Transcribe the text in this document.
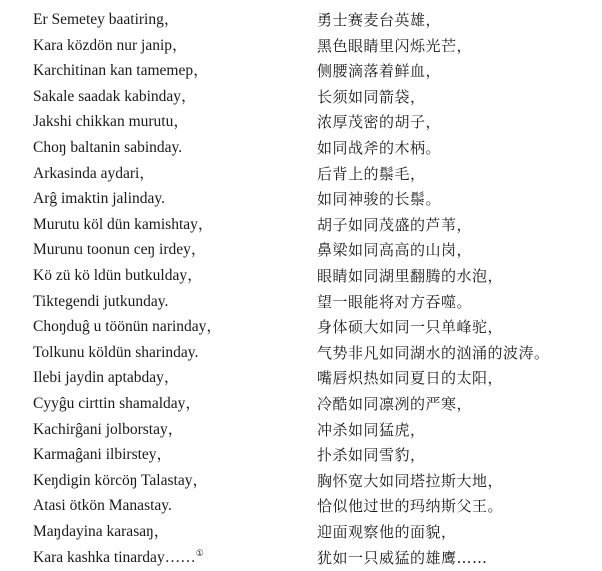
Er Semetey baatiring，	勇士赛麦台英雄，
Kara közdön nur janip，	黑色眼睛里闪烁光芒，
Karchitinan kan tamemep，	侧腰滴落着鲜血，
Sakale saadak kabinday，	长须如同箭袋，
Jakshi chikkan murutu，	浓厚茂密的胡子，
Choŋ baltanin sabinday.	如同战斧的木柄。
Arkasinda aydari，	后背上的鬃毛，
Arĝ imaktin jalinday.	如同神骏的长鬃。
Murutu köl dün kamishtay，	胡子如同茂盛的芦苇，
Murunu toonun ceŋ irdey，	鼻梁如同高高的山岗，
Kö zü kö ldün butkulday，	眼睛如同湖里翻腾的水泡，
Tiktegendi jutkunday.	望一眼能将对方吞噬。
Choŋduĝ u töönün narinday，	身体硕大如同一只单峰驼，
Tolkunu köldün sharinday.	气势非凡如同湖水的汹涌的波涛。
Ilebi jaydin aptabday，	嘴唇炽热如同夏日的太阳，
Cyyĝu cirttin shamalday，	冷酷如同凛冽的严寒，
Kachirĝani jolborstay，	冲杀如同猛虎，
Karmaĝani ilbirstey，	扑杀如同雪豹，
Keŋdigin körcöŋ Talastay，	胸怀宽大如同塔拉斯大地，
Atasi ötkön Manastay.	恰似他过世的玛纳斯父王。
Maŋdayina karasaŋ，	迎面观察他的面貌，
Kara kashka tinarday……①	犹如一只威猛的雄鹰……
